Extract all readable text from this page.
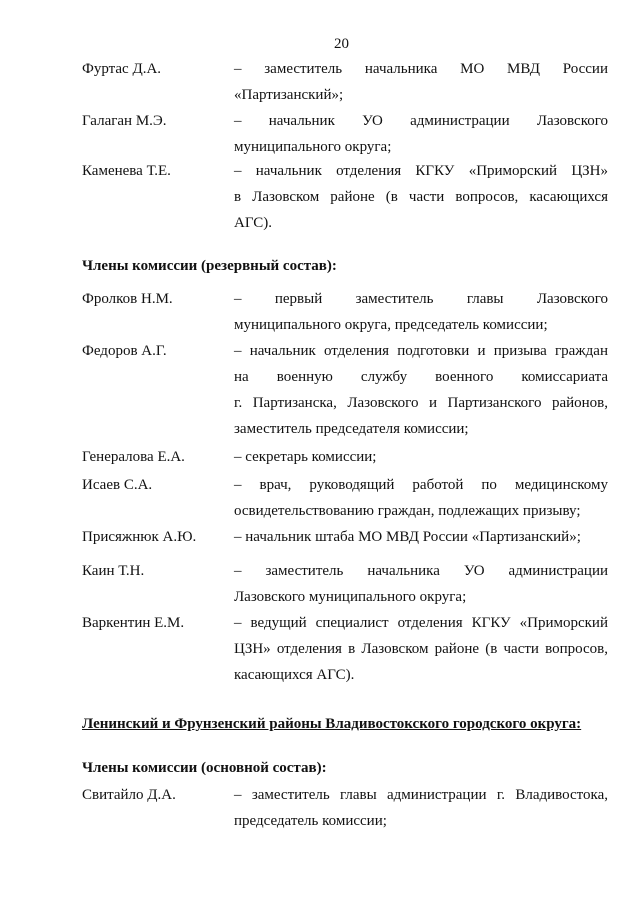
20
Фуртас Д.А.	– заместитель начальника МО МВД России
«Партизанский»;
Галаган М.Э.	– начальник УО администрации Лазовского
муниципального округа;
Каменева Т.Е.	– начальник отделения КГКУ «Приморский ЦЗН»
в Лазовском районе (в части вопросов, касающихся
АГС).
Члены комиссии (резервный состав):
Фролков Н.М.	– первый заместитель главы Лазовского
муниципального округа, председатель комиссии;
Федоров А.Г.	– начальник отделения подготовки и призыва граждан
на военную службу военного комиссариата
г. Партизанска, Лазовского и Партизанского районов,
заместитель председателя комиссии;
Генералова Е.А.	– секретарь комиссии;
Исаев С.А.	– врач, руководящий работой по медицинскому
освидетельствованию граждан, подлежащих призыву;
Присяжнюк А.Ю.	– начальник штаба МО МВД России «Партизанский»;
Каин Т.Н.	– заместитель начальника УО администрации
Лазовского муниципального округа;
Варкентин Е.М.	– ведущий специалист отделения КГКУ «Приморский
ЦЗН» отделения в Лазовском районе (в части вопросов,
касающихся АГС).
Ленинский и Фрунзенский районы Владивостокского городского округа:
Члены комиссии (основной состав):
Свитайло Д.А.	– заместитель главы администрации г. Владивостока,
председатель комиссии;
